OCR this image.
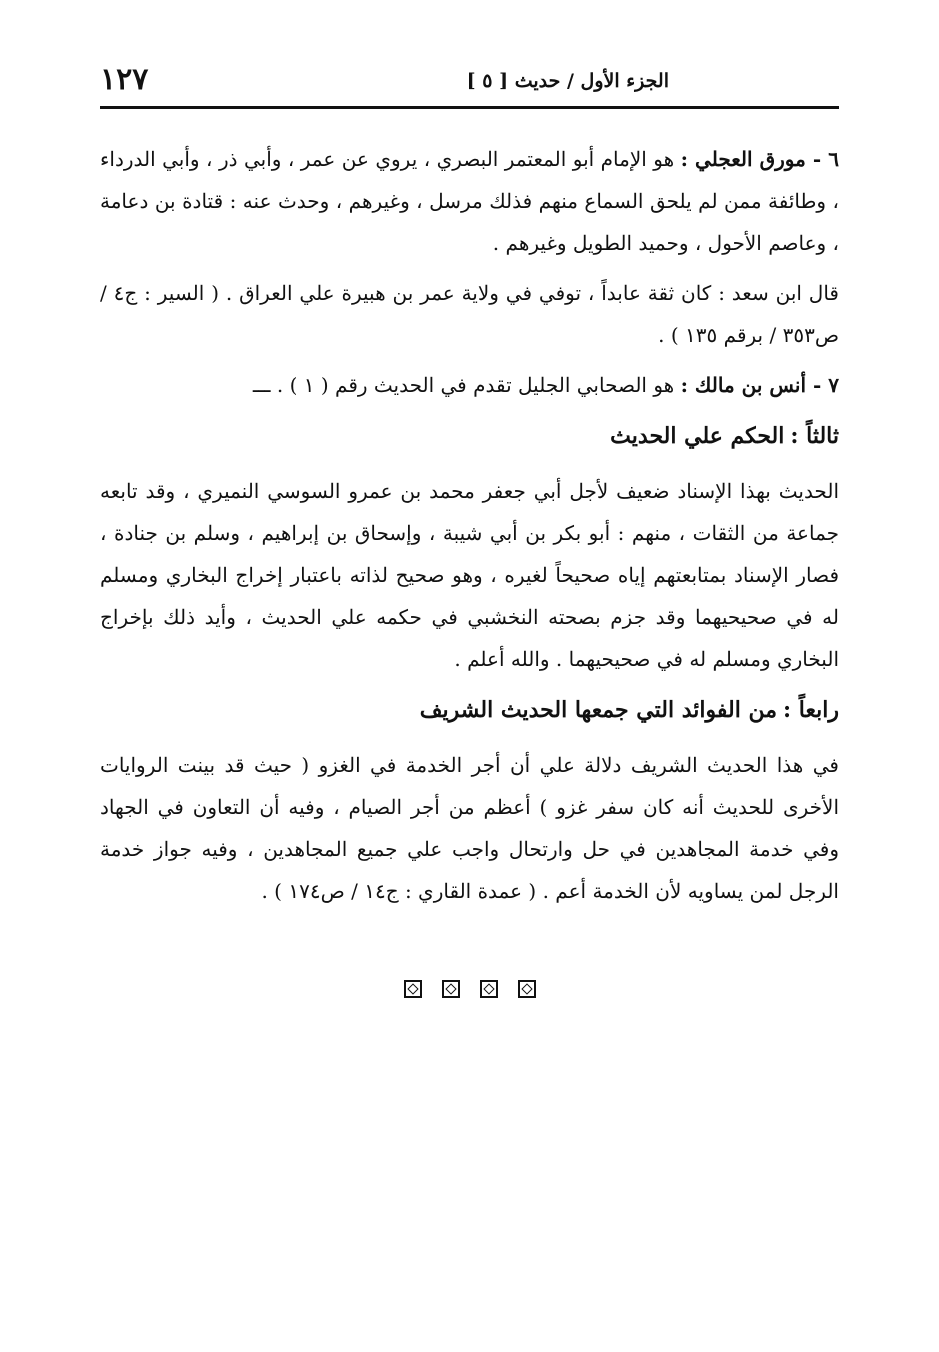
الجزء الأول / حديث [ ٥ ]
١٢٧

٦ - مورق العجلي : هو الإمام أبو المعتمر البصري ، يروي عن عمر ، وأبي ذر ، وأبي الدرداء ، وطائفة ممن لم يلحق السماع منهم فذلك مرسل ، وغيرهم ، وحدث عنه : قتادة بن دعامة ، وعاصم الأحول ، وحميد الطويل وغيرهم .

قال ابن سعد : كان ثقة عابداً ، توفي في ولاية عمر بن هبيرة علي العراق . ( السير : ج٤ / ص٣٥٣ / برقم ١٣٥ ) .

٧ - أنس بن مالك : هو الصحابي الجليل تقدم في الحديث رقم ( ١ ) . ـــ

ثالثاً :الحكم علي الحديث

الحديث بهذا الإسناد ضعيف لأجل أبي جعفر محمد بن عمرو السوسي النميري ، وقد تابعه جماعة من الثقات ، منهم : أبو بكر بن أبي شيبة ، وإسحاق بن إبراهيم ، وسلم بن جنادة ، فصار الإسناد بمتابعتهم إياه صحيحاً لغيره ، وهو صحيح لذاته باعتبار إخراج البخاري ومسلم له في صحيحيهما وقد جزم بصحته النخشبي في حكمه علي الحديث ، وأيد ذلك بإخراج البخاري ومسلم له في صحيحيهما . والله أعلم .

رابعاً :من الفوائد التي جمعها الحديث الشريف

في هذا الحديث الشريف دلالة علي أن أجر الخدمة في الغزو ( حيث قد بينت الروايات الأخرى للحديث أنه كان سفر غزو ) أعظم من أجر الصيام ، وفيه أن التعاون في الجهاد وفي خدمة المجاهدين في حل وارتحال واجب علي جميع المجاهدين ، وفيه جواز خدمة الرجل لمن يساويه لأن الخدمة أعم . ( عمدة القاري : ج١٤ / ص١٧٤ ) .
